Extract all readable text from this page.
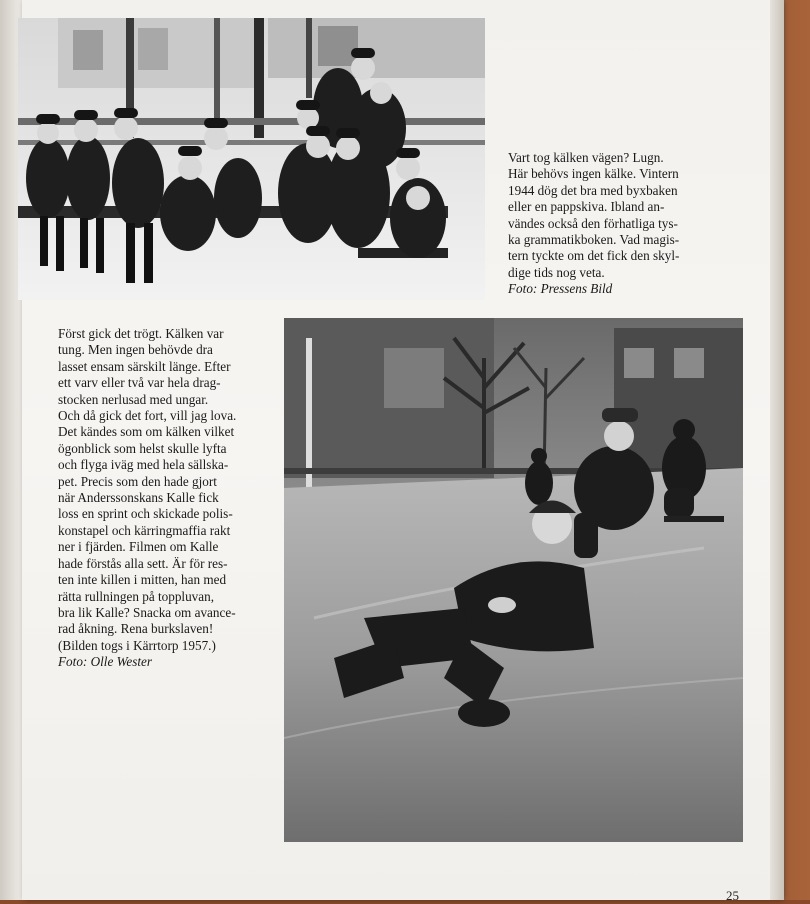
Vart tog kälken vägen? Lugn.
Här behövs ingen kälke. Vintern
1944 dög det bra med byxbaken
eller en pappskiva. Ibland an-
vändes också den förhatliga tys-
ka grammatikboken. Vad magis-
tern tyckte om det fick den skyl-
dige tids nog veta.
Foto: Pressens Bild
Först gick det trögt. Kälken var
tung. Men ingen behövde dra
lasset ensam särskilt länge. Efter
ett varv eller två var hela drag-
stocken nerlusad med ungar.
Och då gick det fort, vill jag lova.
Det kändes som om kälken vilket
ögonblick som helst skulle lyfta
och flyga iväg med hela sällska-
pet. Precis som den hade gjort
när Anderssonskans Kalle fick
loss en sprint och skickade polis-
konstapel och kärringmaffia rakt
ner i fjärden. Filmen om Kalle
hade förstås alla sett. Är för res-
ten inte killen i mitten, han med
rätta rullningen på toppluvan,
bra lik Kalle? Snacka om avance-
rad åkning. Rena burkslaven!
(Bilden togs i Kärrtorp 1957.)
Foto: Olle Wester
25
